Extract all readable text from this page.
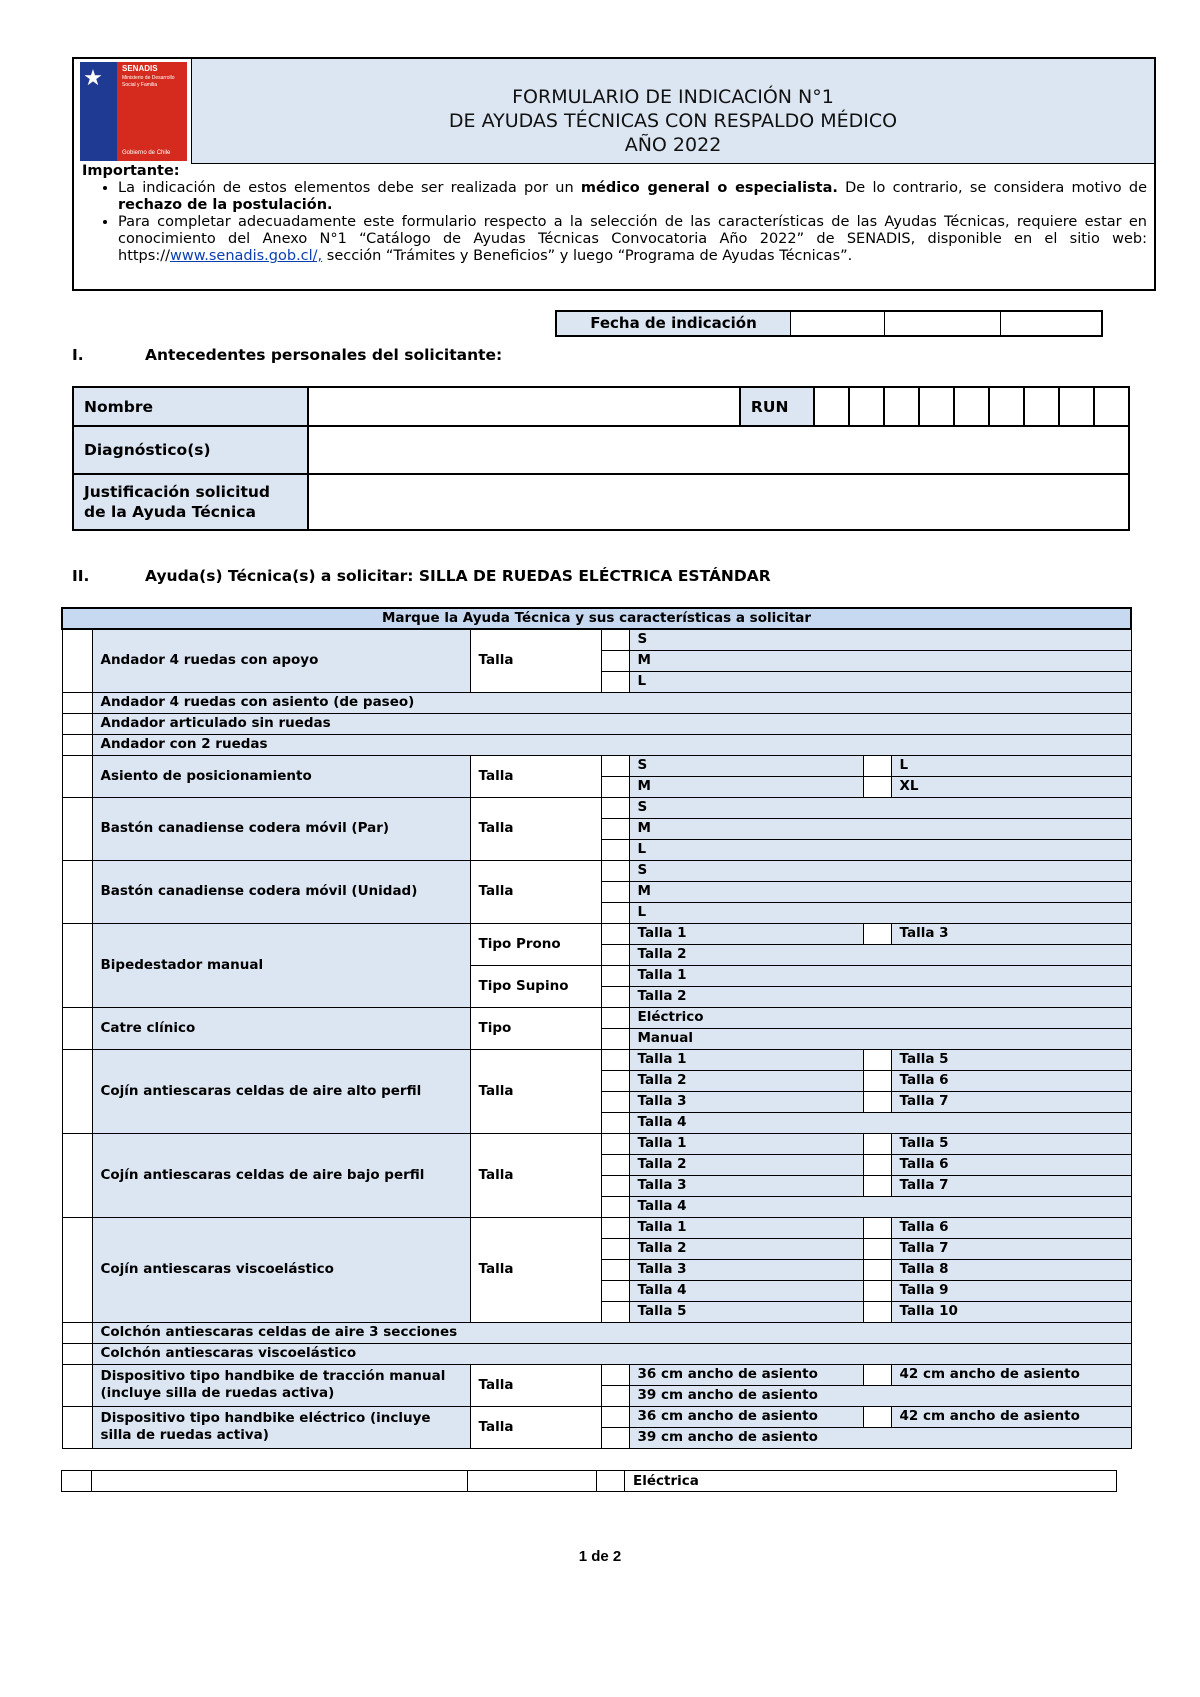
★	SENADIS
Ministerio de Desarrollo Social y Familia
Gobierno de Chile
FORMULARIO DE INDICACIÓN N°1
DE AYUDAS TÉCNICAS CON RESPALDO MÉDICO
AÑO 2022
Importante:
• La indicación de estos elementos debe ser realizada por un médico general o especialista. De lo contrario, se considera motivo de rechazo de la postulación.
• Para completar adecuadamente este formulario respecto a la selección de las características de las Ayudas Técnicas, requiere estar en conocimiento del Anexo N°1 “Catálogo de Ayudas Técnicas Convocatoria Año 2022” de SENADIS, disponible en el sitio web: https://www.senadis.gob.cl/, sección “Trámites y Beneficios” y luego “Programa de Ayudas Técnicas”.
Fecha de indicación
I.	Antecedentes personales del solicitante:
Nombre		RUN									
Diagnóstico(s)											
Justificación solicitud de la Ayuda Técnica											
II.	Ayuda(s) Técnica(s) a solicitar: SILLA DE RUEDAS ELÉCTRICA ESTÁNDAR
Marque la Ayuda Técnica y sus características a solicitar						
	Andador 4 ruedas con apoyo	Talla		S		
				M		
				L		
	Andador 4 ruedas con asiento (de paseo)					
	Andador articulado sin ruedas					
	Andador con 2 ruedas					
	Asiento de posicionamiento	Talla		S		L
				M		XL
	Bastón canadiense codera móvil (Par)	Talla		S		
				M		
				L		
	Bastón canadiense codera móvil (Unidad)	Talla		S		
				M		
				L		
	Bipedestador manual	Tipo Prono		Talla 1		Talla 3
				Talla 2		
		Tipo Supino		Talla 1		
				Talla 2		
	Catre clínico	Tipo		Eléctrico		
				Manual		
	Cojín antiescaras celdas de aire alto perfil	Talla		Talla 1		Talla 5
				Talla 2		Talla 6
				Talla 3		Talla 7
				Talla 4		
	Cojín antiescaras celdas de aire bajo perfil	Talla		Talla 1		Talla 5
				Talla 2		Talla 6
				Talla 3		Talla 7
				Talla 4		
	Cojín antiescaras viscoelástico	Talla		Talla 1		Talla 6
				Talla 2		Talla 7
				Talla 3		Talla 8
				Talla 4		Talla 9
				Talla 5		Talla 10
	Colchón antiescaras celdas de aire 3 secciones					
	Colchón antiescaras viscoelástico					
	Dispositivo tipo handbike de tracción manual (incluye silla de ruedas activa)	Talla		36 cm ancho de asiento		42 cm ancho de asiento
				39 cm ancho de asiento		
	Dispositivo tipo handbike eléctrico (incluye silla de ruedas activa)	Talla		36 cm ancho de asiento		42 cm ancho de asiento
				39 cm ancho de asiento		
				Eléctrica
1 de 2
